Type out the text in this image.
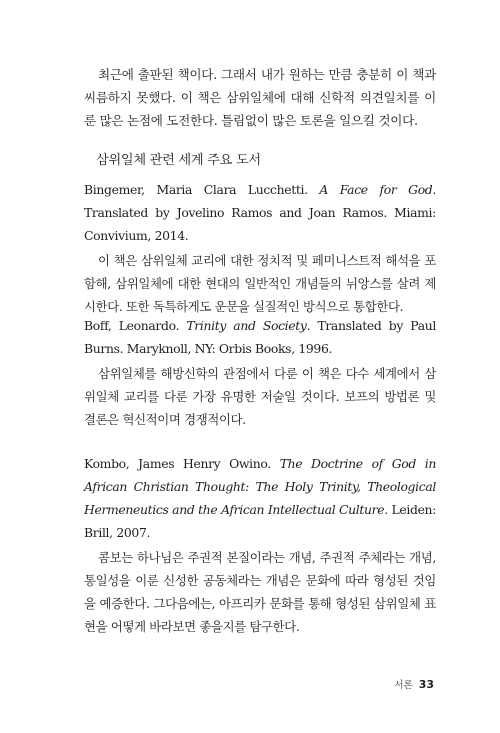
최근에 출판된 책이다. 그래서 내가 원하는 만큼 충분히 이 책과 씨름하지 못했다. 이 책은 삼위일체에 대해 신학적 의견일치를 이룬 많은 논점에 도전한다. 틀림없이 많은 토론을 일으킬 것이다.

삼위일체 관련 세계 주요 도서

Bingemer, Maria Clara Lucchetti. A Face for God. Translated by Jovelino Ramos and Joan Ramos. Miami: Convivium, 2014.

이 책은 삼위일체 교리에 대한 정치적 및 페미니스트적 해석을 포함해, 삼위일체에 대한 현대의 일반적인 개념들의 뉘앙스를 살려 제시한다. 또한 독특하게도 운문을 실질적인 방식으로 통합한다.

Boff, Leonardo. Trinity and Society. Translated by Paul Burns. Maryknoll, NY: Orbis Books, 1996.

삼위일체를 해방신학의 관점에서 다룬 이 책은 다수 세계에서 삼위일체 교리를 다룬 가장 유명한 저술일 것이다. 보프의 방법론 및 결론은 혁신적이며 경쟁적이다.

Kombo, James Henry Owino. The Doctrine of God in African Christian Thought: The Holy Trinity, Theological Hermeneutics and the African Intellectual Culture. Leiden: Brill, 2007.

콤보는 하나님은 주권적 본질이라는 개념, 주권적 주체라는 개념, 통일성을 이룬 신성한 공동체라는 개념은 문화에 따라 형성된 것임을 예증한다. 그다음에는, 아프리카 문화를 통해 형성된 삼위일체 표현을 어떻게 바라보면 좋을지를 탐구한다.

서론 33
